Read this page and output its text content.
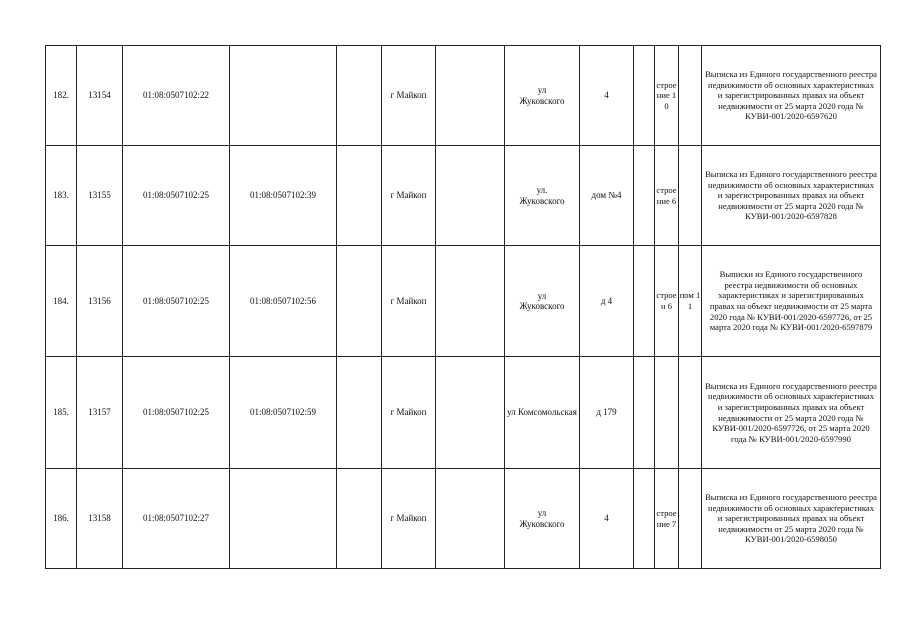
182.	13154	01:08:0507102:22			г Майкоп		ул Жуковского	4		строение 10		Выписка из Единого государственного реестра недвижимости об основных характеристиках и зарегистрированных правах на объект недвижимости от 25 марта 2020 года № КУВИ-001/2020-6597620
183.	13155	01:08:0507102:25	01:08:0507102:39		г Майкоп		ул. Жуковского	дом №4		строение 6		Выписка из Единого государственного реестра недвижимости об основных характеристиках и зарегистрированных правах на объект недвижимости от 25 марта 2020 года № КУВИ-001/2020-6597828
184.	13156	01:08:0507102:25	01:08:0507102:56		г Майкоп		ул Жуковского	д 4		строен 6	пом 11	Выписки из Единого государственного реестра недвижимости об основных характеристиках и зарегистрированных правах на объект недвижимости от 25 марта 2020 года № КУВИ-001/2020-6597726, от 25 марта 2020 года № КУВИ-001/2020-6597879
185.	13157	01:08:0507102:25	01:08:0507102:59		г Майкоп		ул Комсомольская	д 179				Выписка из Единого государственного реестра недвижимости об основных характеристиках и зарегистрированных правах на объект недвижимости от 25 марта 2020 года № КУВИ-001/2020-6597726, от 25 марта 2020 года № КУВИ-001/2020-6597990
186.	13158	01:08:0507102:27			г Майкоп		ул Жуковского	4		строение 7		Выписка из Единого государственного реестра недвижимости об основных характеристиках и зарегистрированных правах на объект недвижимости от 25 марта 2020 года № КУВИ-001/2020-6598050
